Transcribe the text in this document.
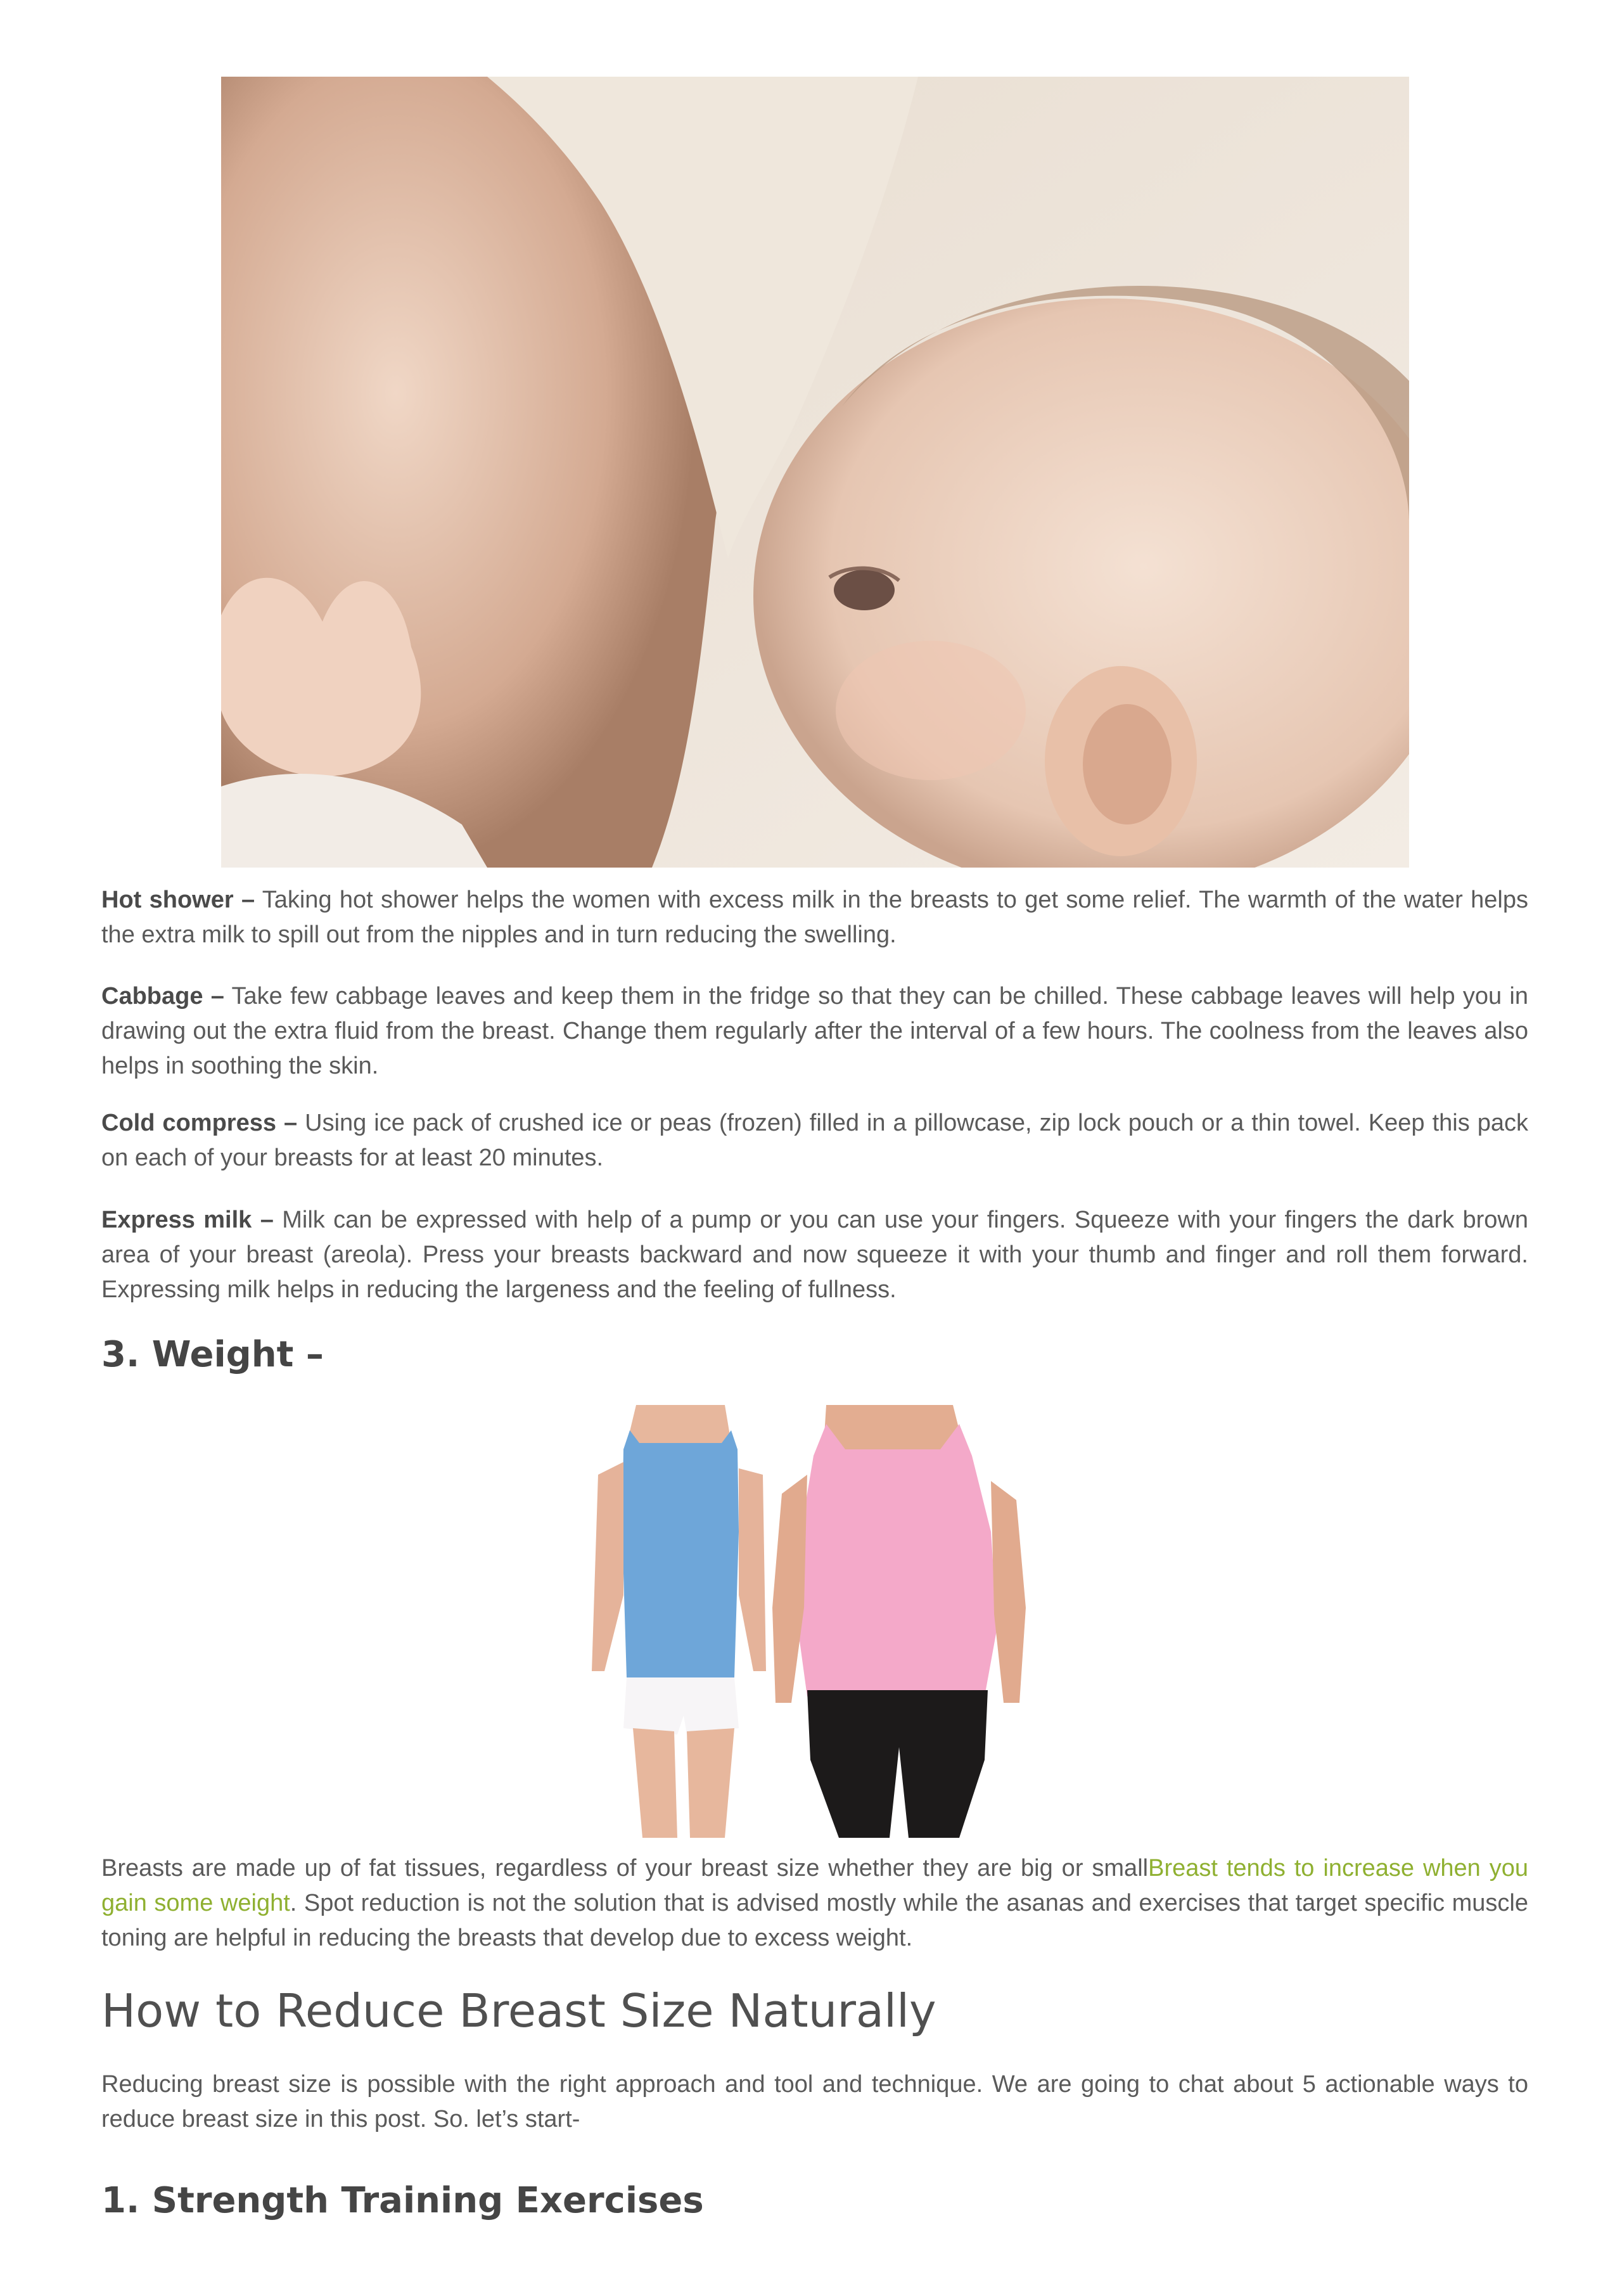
Hot shower – Taking hot shower helps the women with excess milk in the breasts to get some relief. The warmth of the water helps the extra milk to spill out from the nipples and in turn reducing the swelling.

Cabbage – Take few cabbage leaves and keep them in the fridge so that they can be chilled. These cabbage leaves will help you in drawing out the extra fluid from the breast. Change them regularly after the interval of a few hours. The coolness from the leaves also helps in soothing the skin.

Cold compress – Using ice pack of crushed ice or peas (frozen) filled in a pillowcase, zip lock pouch or a thin towel. Keep this pack on each of your breasts for at least 20 minutes.

Express milk – Milk can be expressed with help of a pump or you can use your fingers. Squeeze with your fingers the dark brown area of your breast (areola). Press your breasts backward and now squeeze it with your thumb and finger and roll them forward. Expressing milk helps in reducing the largeness and the feeling of fullness.

3. Weight –

Breasts are made up of fat tissues, regardless of your breast size whether they are big or smallBreast tends to increase when you gain some weight. Spot reduction is not the solution that is advised mostly while the asanas and exercises that target specific muscle toning are helpful in reducing the breasts that develop due to excess weight.

How to Reduce Breast Size Naturally

Reducing breast size is possible with the right approach and tool and technique. We are going to chat about 5 actionable ways to reduce breast size in this post. So. let’s start-

1. Strength Training Exercises
